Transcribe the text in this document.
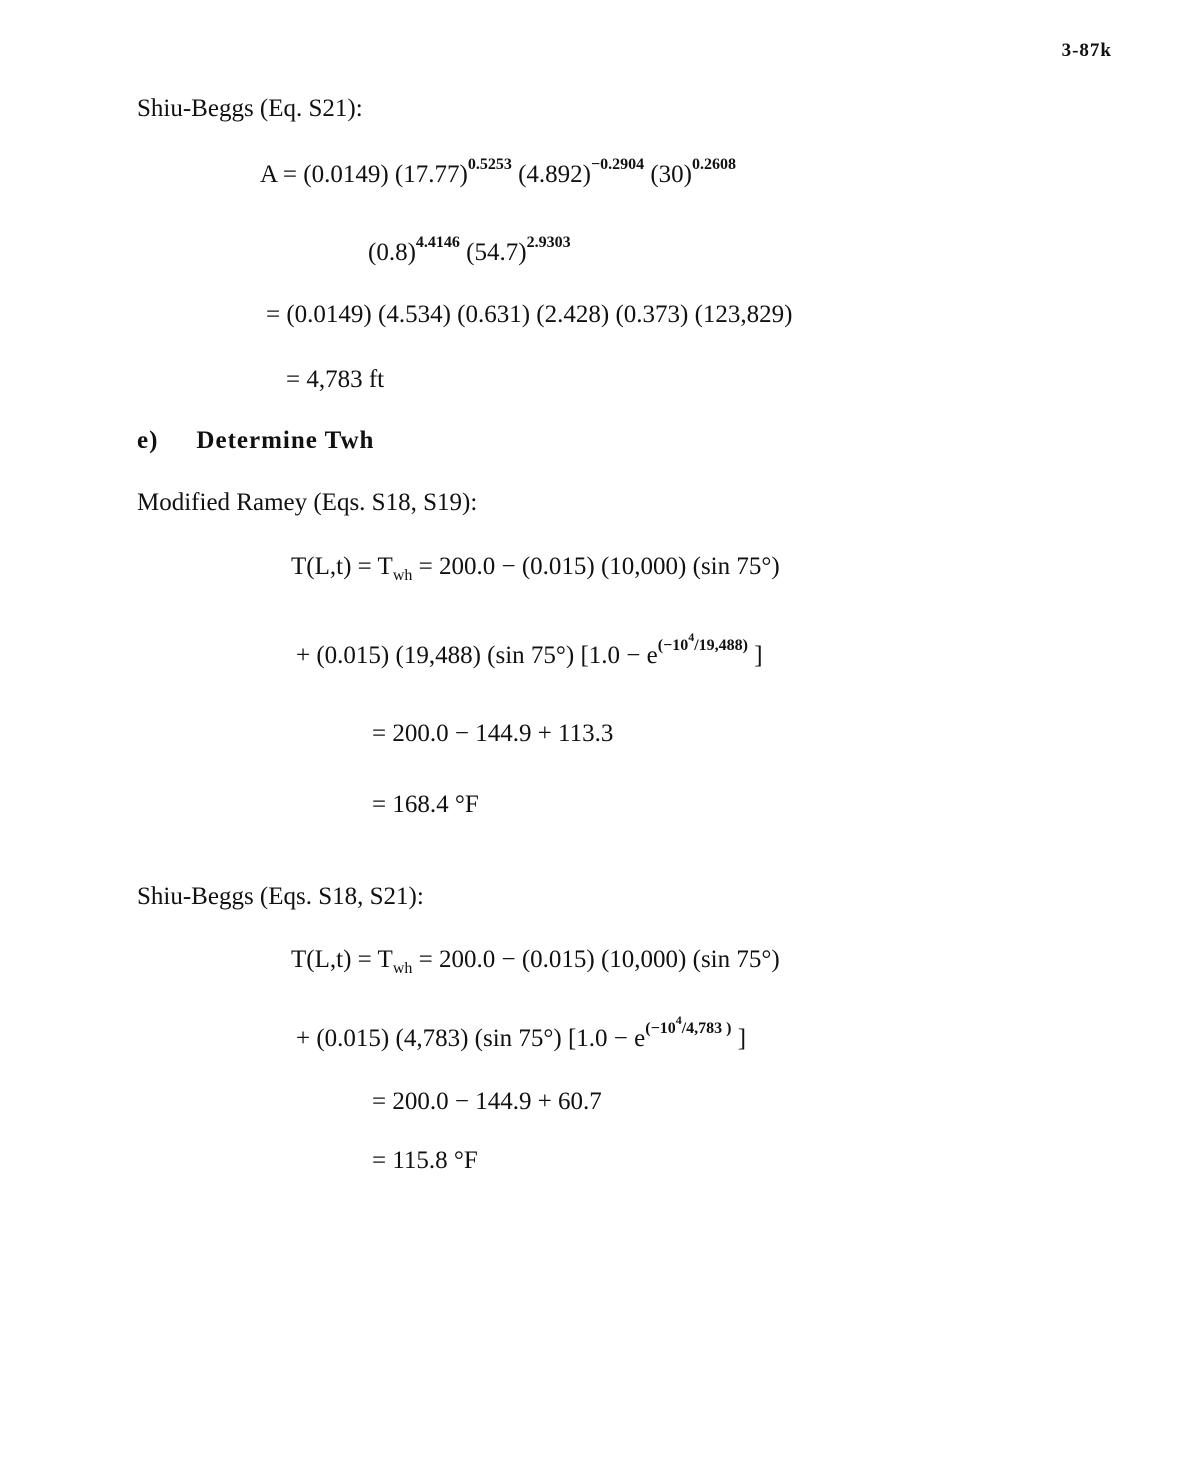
3-87k
Shiu-Beggs (Eq. S21):
A = (0.0149) $(17.77)^{0.5253}$ $(4.892)^{-0.2904}$ $(30)^{0.2608}$
$(0.8)^{4.4146}$ $(54.7)^{2.9303}$
= (0.0149) (4.534) (0.631) (2.428) (0.373) (123,829)
= 4,783 ft
e) Determine Twh
Modified Ramey (Eqs. S18, S19):
$T(L,t) = T_{wh} = 200.0 - (0.015)$ (10,000) (sin 75°)
+ (0.015) (19,488) (sin 75°) [$1.0 - e^{(-10^4/19,488)}$ ]
= 200.0 − 144.9 + 113.3
= 168.4 °F
Shiu-Beggs (Eqs. S18, S21):
$T(L,t) = T_{wh} = 200.0 - (0.015)$ (10,000) (sin 75°)
+ (0.015) (4,783) (sin 75°) [$1.0 - e^{(-10^4/4,783 )}$ ]
= 200.0 − 144.9 + 60.7
= 115.8 °F
